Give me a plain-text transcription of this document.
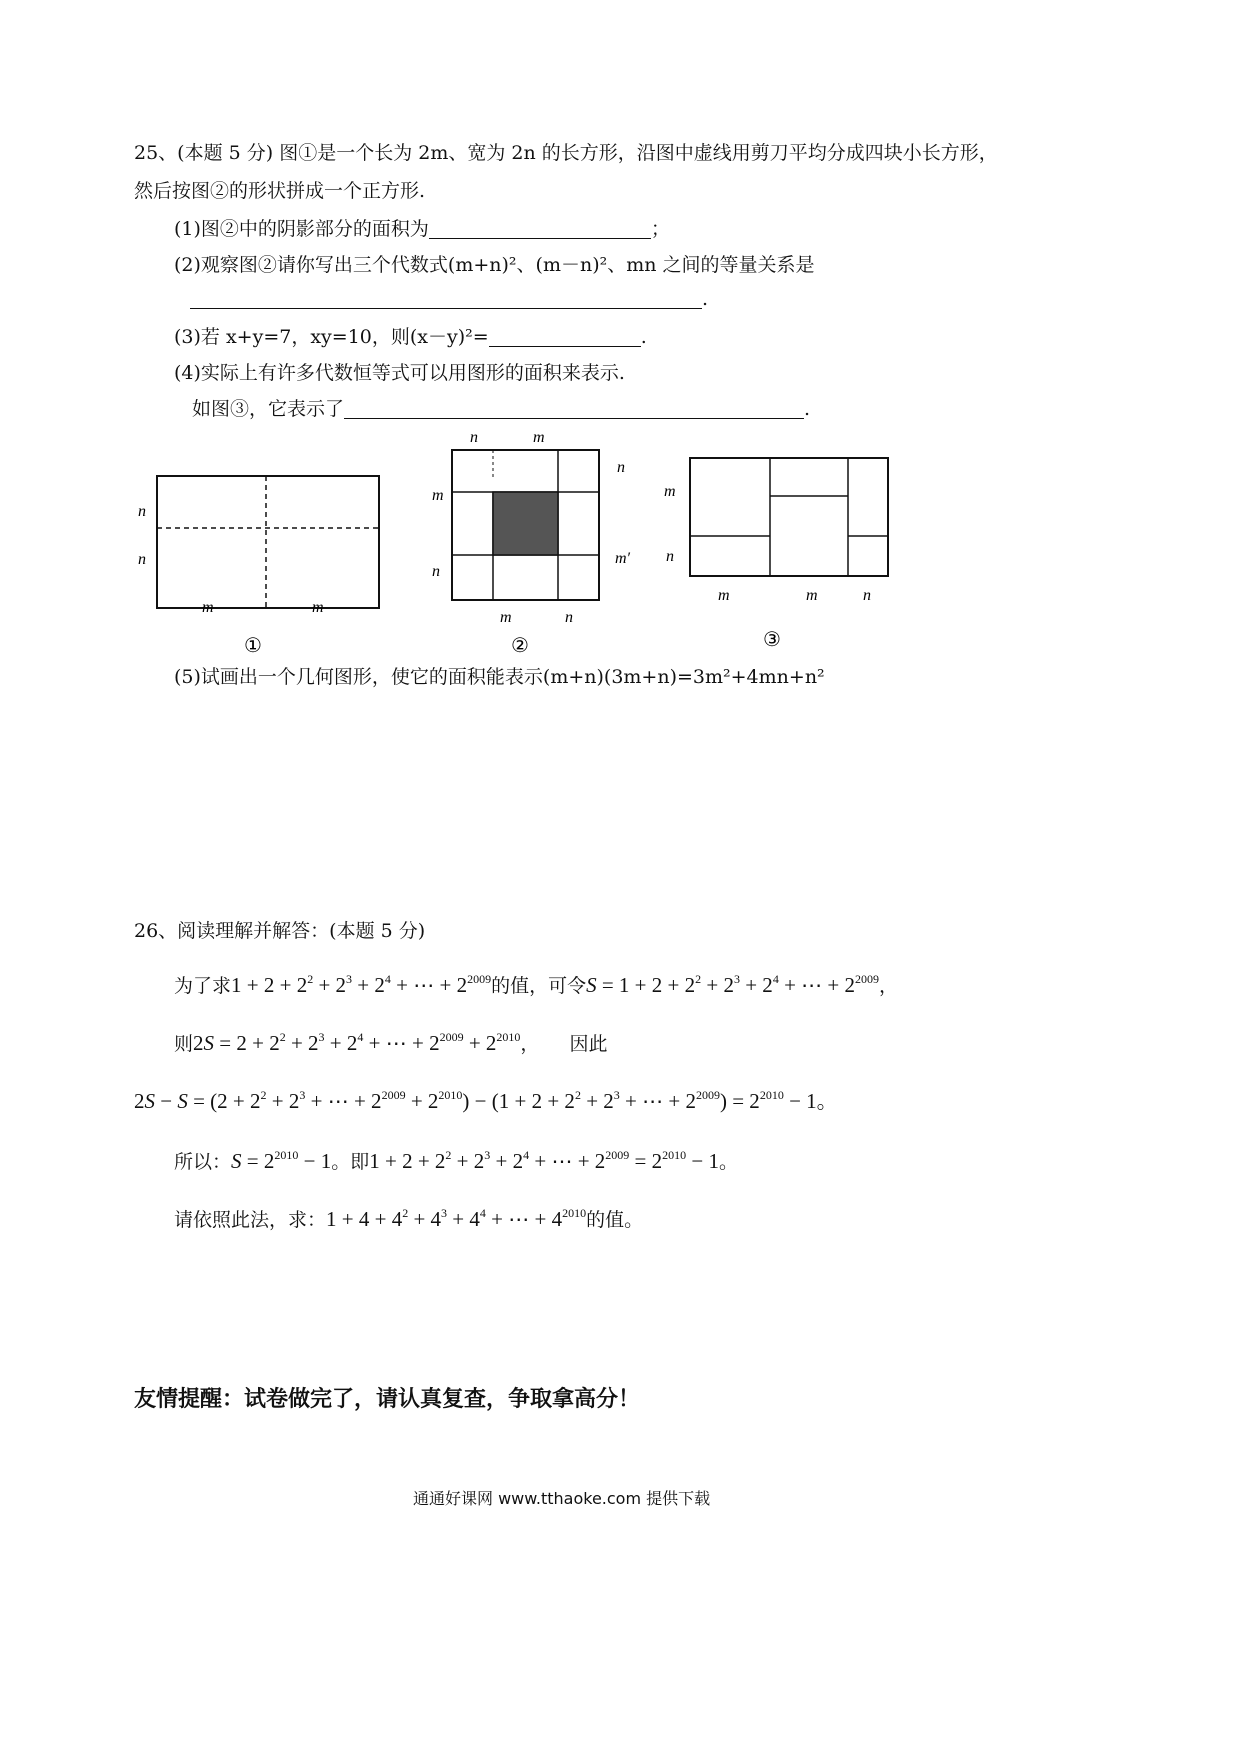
25、(本题 5 分) 图①是一个长为 2m、宽为 2n 的长方形，沿图中虚线用剪刀平均分成四块小长方形，
然后按图②的形状拼成一个正方形.
(1)图②中的阴影部分的面积为	；
(2)观察图②请你写出三个代数式(m+n)²、(m－n)²、mn 之间的等量关系是
.
(3)若 x+y=7，xy=10，则(x－y)²=	.
(4)实际上有许多代数恒等式可以用图形的面积来表示.
如图③，它表示了	.
n
n
m	m
①
n	m
m
n
n
m′
m	n
②
m
n
m	m	n
③
(5)试画出一个几何图形，使它的面积能表示(m+n)(3m+n)=3m²+4mn+n²
26、阅读理解并解答：(本题 5 分)
为了求$1 + 2 + 2^2 + 2^3 + 2^4$ + ⋯ + $2^{2009}$的值，可令$S = 1 + 2 + 2^2 + 2^3 + 2^4$ + ⋯ + $2^{2009}$，
则$2S = 2 + 2^2 + 2^3 + 2^4$ + ⋯ + $2^{2009} + 2^{2010}$， 因此
$2S - S = (2 + 2^2 + 2^3$ + ⋯ + $2^{2009} + 2^{2010}) - (1 + 2 + 2^2 + 2^3$ + ⋯ + $2^{2009}) = 2^{2010} - 1$。
所以：$S = 2^{2010} - 1$。即$1 + 2 + 2^2 + 2^3 + 2^4$ + ⋯ + $2^{2009} = 2^{2010} - 1$。
请依照此法，求：$1 + 4 + 4^2 + 4^3 + 4^4$ + ⋯ + $4^{2010}$的值。
友情提醒：试卷做完了，请认真复查，争取拿高分！
通通好课网 www.tthaoke.com 提供下载
